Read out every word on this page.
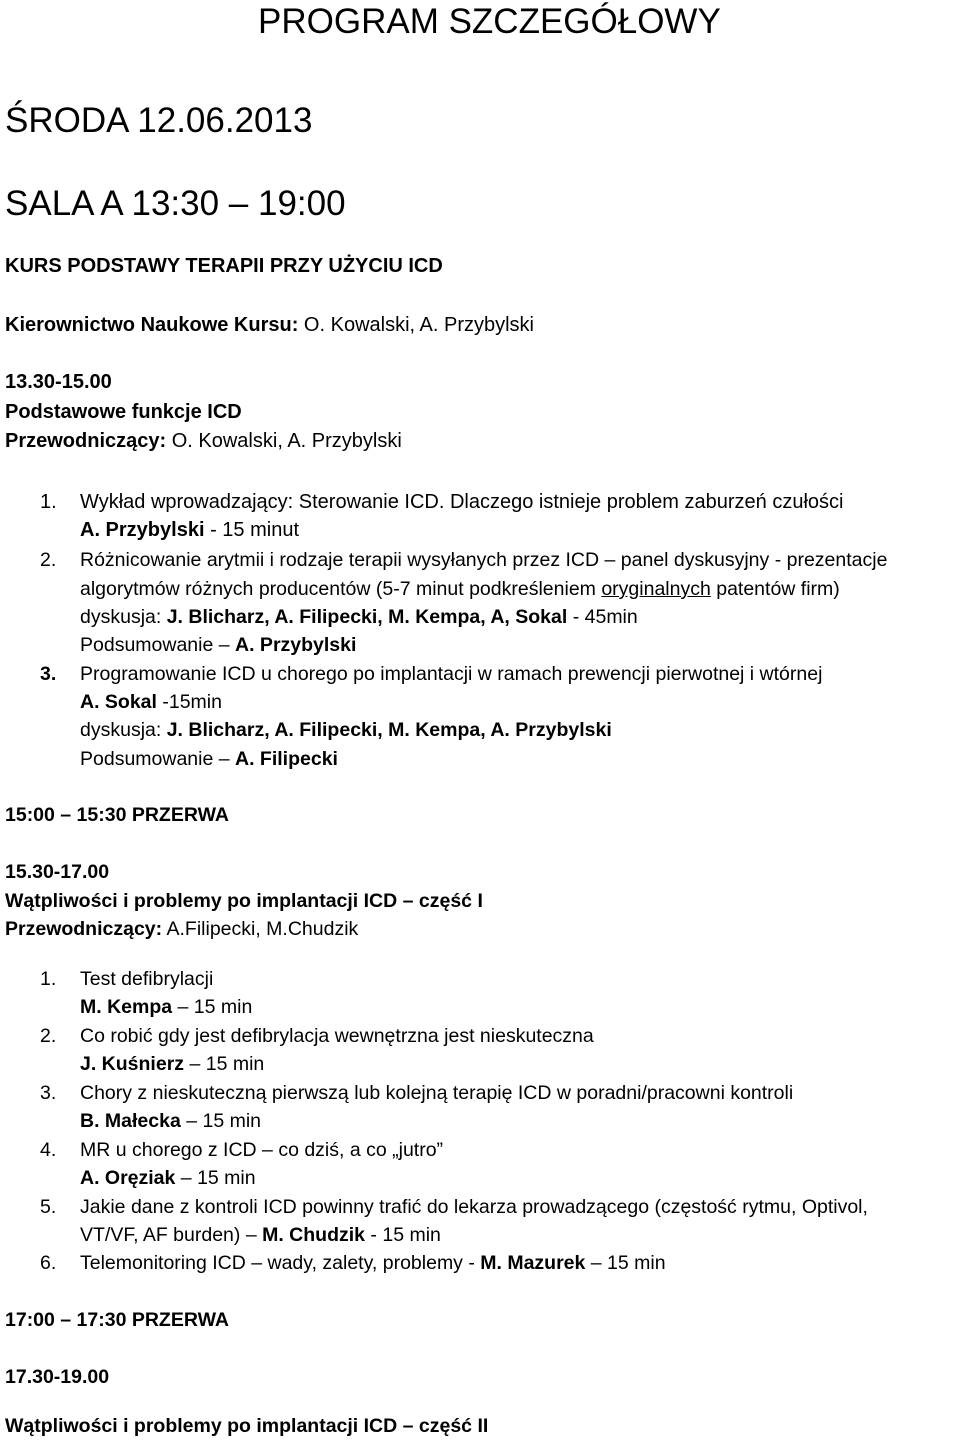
PROGRAM SZCZEGÓŁOWY
ŚRODA 12.06.2013
SALA A 13:30 – 19:00
KURS PODSTAWY TERAPII PRZY UŻYCIU ICD
Kierownictwo Naukowe Kursu: O. Kowalski, A. Przybylski
13.30-15.00
Podstawowe funkcje ICD
Przewodniczący: O. Kowalski, A. Przybylski
1. Wykład wprowadzający: Sterowanie ICD. Dlaczego istnieje problem zaburzeń czułości
A. Przybylski - 15 minut
2. Różnicowanie arytmii i rodzaje terapii wysyłanych przez ICD – panel dyskusyjny - prezentacje
algorytmów różnych producentów (5-7 minut podkreśleniem oryginalnych patentów firm)
dyskusja: J. Blicharz, A. Filipecki, M. Kempa, A, Sokal - 45min
Podsumowanie – A. Przybylski
3. Programowanie ICD u chorego po implantacji w ramach prewencji pierwotnej i wtórnej
A. Sokal -15min
dyskusja: J. Blicharz, A. Filipecki, M. Kempa, A. Przybylski
Podsumowanie – A. Filipecki
15:00 – 15:30 PRZERWA
15.30-17.00
Wątpliwości i problemy po implantacji ICD – część I
Przewodniczący: A.Filipecki, M.Chudzik
1. Test defibrylacji
M. Kempa – 15 min
2. Co robić gdy jest defibrylacja wewnętrzna jest nieskuteczna
J. Kuśnierz – 15 min
3. Chory z nieskuteczną pierwszą lub kolejną terapię ICD w poradni/pracowni kontroli
B. Małecka – 15 min
4. MR u chorego z ICD – co dziś, a co „jutro”
A. Oręziak – 15 min
5. Jakie dane z kontroli ICD powinny trafić do lekarza prowadzącego (częstość rytmu, Optivol,
VT/VF, AF burden) – M. Chudzik - 15 min
6. Telemonitoring ICD – wady, zalety, problemy - M. Mazurek – 15 min
17:00 – 17:30 PRZERWA
17.30-19.00
Wątpliwości i problemy po implantacji ICD – część II
